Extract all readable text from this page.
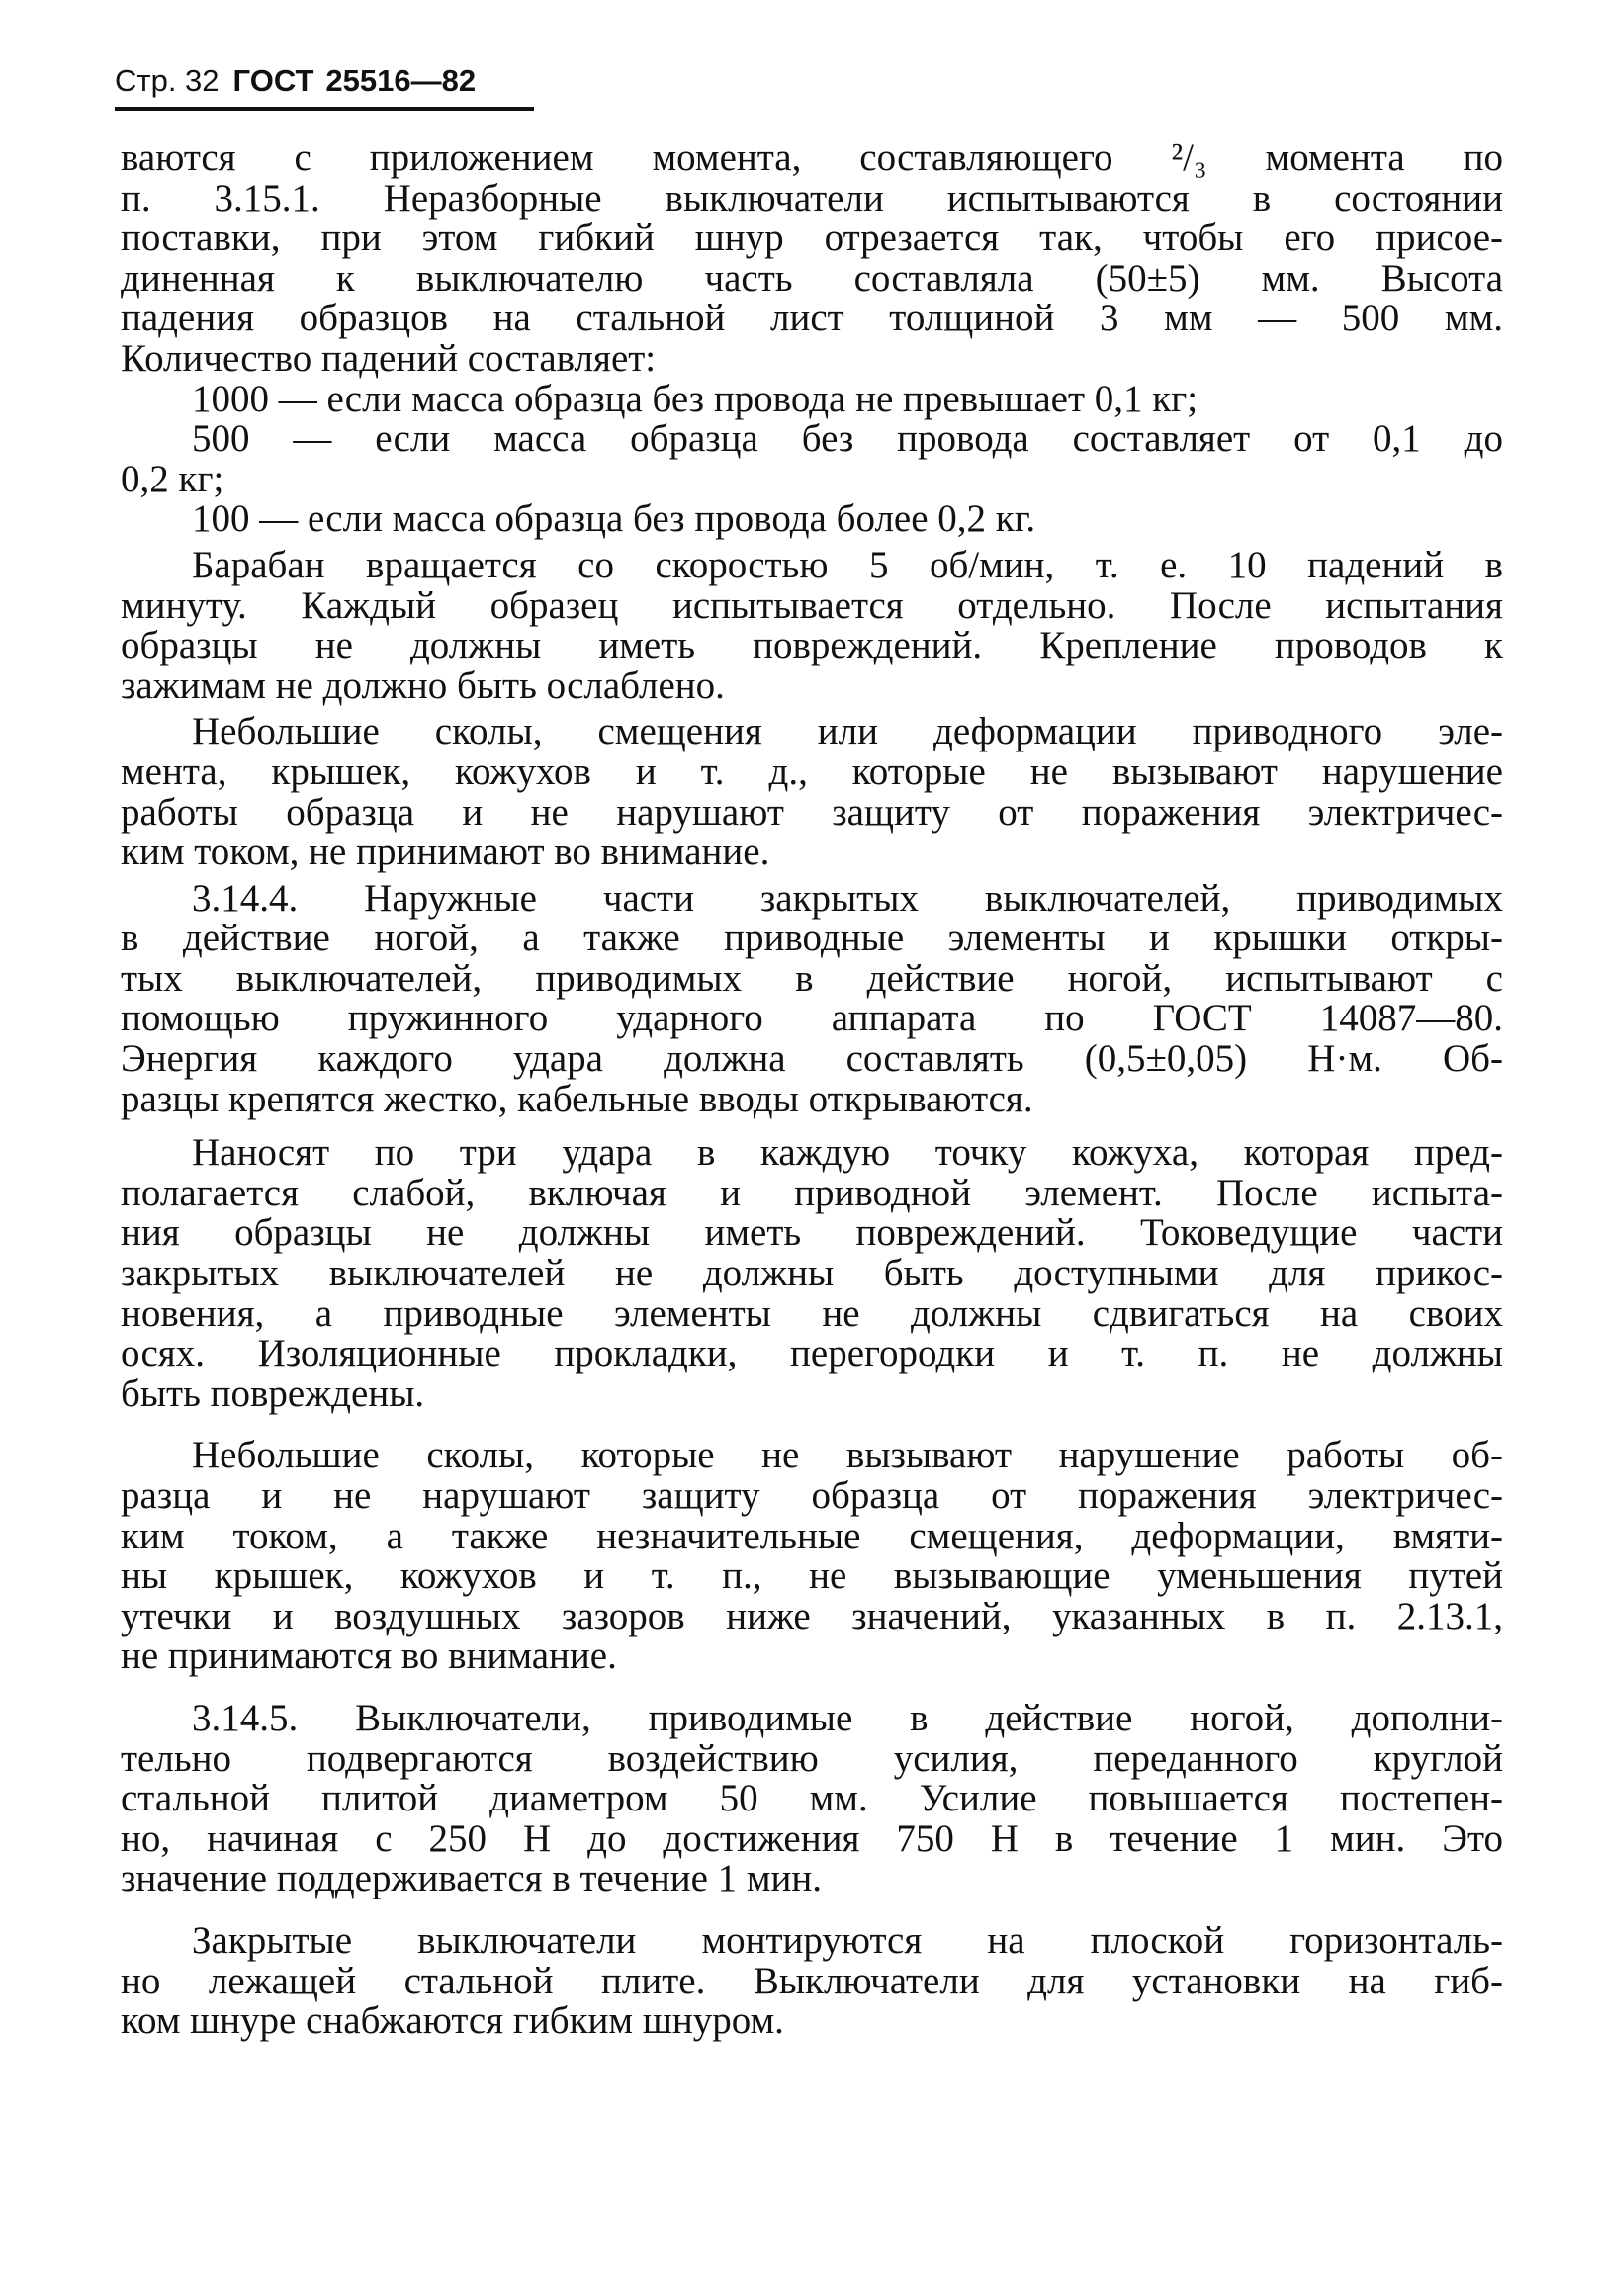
Стр. 32 ГОСТ 25516—82
ваются с приложением момента, составляющего ²/₃ момента по
п. 3.15.1. Неразборные выключатели испытываются в состоянии
поставки, при этом гибкий шнур отрезается так, чтобы его присое-
диненная к выключателю часть составляла (50±5) мм. Высота
падения образцов на стальной лист толщиной 3 мм — 500 мм.
Количество падений составляет:
1000 — если масса образца без провода не превышает 0,1 кг;
500 — если масса образца без провода составляет от 0,1 до
0,2 кг;
100 — если масса образца без провода более 0,2 кг.
Барабан вращается со скоростью 5 об/мин, т. е. 10 падений в
минуту. Каждый образец испытывается отдельно. После испытания
образцы не должны иметь повреждений. Крепление проводов к
зажимам не должно быть ослаблено.
Небольшие сколы, смещения или деформации приводного эле-
мента, крышек, кожухов и т. д., которые не вызывают нарушение
работы образца и не нарушают защиту от поражения электричес-
ким током, не принимают во внимание.
3.14.4. Наружные части закрытых выключателей, приводимых
в действие ногой, а также приводные элементы и крышки откры-
тых выключателей, приводимых в действие ногой, испытывают с
помощью пружинного ударного аппарата по ГОСТ 14087—80.
Энергия каждого удара должна составлять (0,5±0,05) Н·м. Об-
разцы крепятся жестко, кабельные вводы открываются.
Наносят по три удара в каждую точку кожуха, которая пред-
полагается слабой, включая и приводной элемент. После испыта-
ния образцы не должны иметь повреждений. Токоведущие части
закрытых выключателей не должны быть доступными для прикос-
новения, а приводные элементы не должны сдвигаться на своих
осях. Изоляционные прокладки, перегородки и т. п. не должны
быть повреждены.
Небольшие сколы, которые не вызывают нарушение работы об-
разца и не нарушают защиту образца от поражения электричес-
ким током, а также незначительные смещения, деформации, вмяти-
ны крышек, кожухов и т. п., не вызывающие уменьшения путей
утечки и воздушных зазоров ниже значений, указанных в п. 2.13.1,
не принимаются во внимание.
3.14.5. Выключатели, приводимые в действие ногой, дополни-
тельно подвергаются воздействию усилия, переданного круглой
стальной плитой диаметром 50 мм. Усилие повышается постепен-
но, начиная с 250 Н до достижения 750 Н в течение 1 мин. Это
значение поддерживается в течение 1 мин.
Закрытые выключатели монтируются на плоской горизонталь-
но лежащей стальной плите. Выключатели для установки на гиб-
ком шнуре снабжаются гибким шнуром.
